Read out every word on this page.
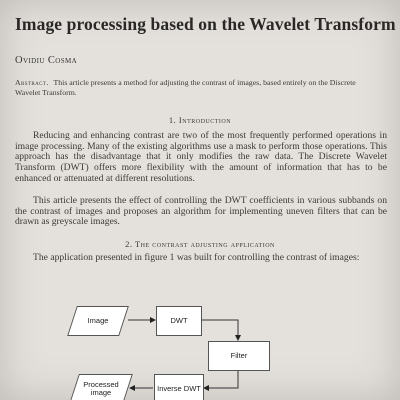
Image processing based on the Wavelet Transform
Ovidiu Cosma
Abstract. This article presents a method for adjusting the contrast of images, based entirely on the Discrete Wavelet Transform.
1. Introduction
Reducing and enhancing contrast are two of the most frequently performed operations in image processing. Many of the existing algorithms use a mask to perform those operations. This approach has the disadvantage that it only modifies the raw data. The Discrete Wavelet Transform (DWT) offers more flexibility with the amount of information that has to be enhanced or attenuated at different resolutions.
This article presents the effect of controlling the DWT coefficients in various subbands on the contrast of images and proposes an algorithm for implementing uneven filters that can be drawn as greyscale images.
2. The contrast adjusting application
The application presented in figure 1 was built for controlling the contrast of images:
Image	DWT
Filter
Inverse DWT
Processed image
